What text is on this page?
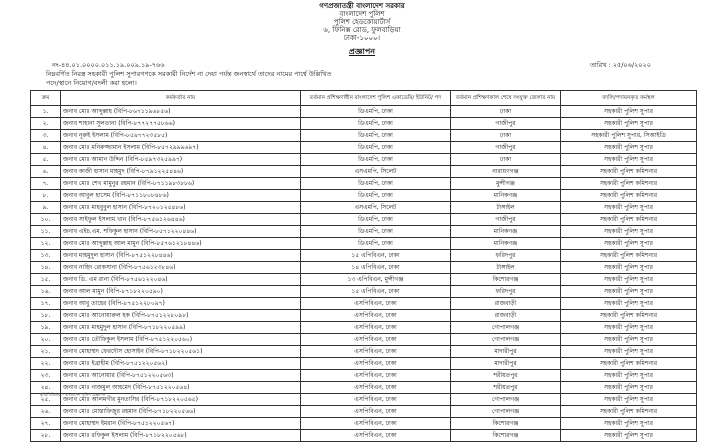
গণপ্রজাতন্ত্রী বাংলাদেশ সরকার
বাংলাদেশ পুলিশ
পুলিশ হেডকোয়ার্টার্স
৬, ফিনিক্স রোড, ফুলবাড়িয়া
ঢাকা-১০০০।
প্রজ্ঞাপন
নং-৪৪.০১.০০০০.০১১.১৯.০০৯.১৯-৭৬৬	তারিখ : ২৫/০৬/২০২০
নিম্নবর্ণিত নিরস্ত্র সহকারী পুলিশ সুপারগণকে সরকারী নির্দেশ না দেয়া পর্যন্ত জনস্বার্থে তাদের নামের পার্শ্বে উল্লিখিত
পদে/স্থানে নিয়োগ/বদলী করা হলো।
ক্রম	কর্মকর্তার নাম	বর্তমান প্রশিক্ষণাধীন বাংলাদেশ পুলিশ একাডেমি/ ইউনিট/ পদ	বর্তমান প্রশিক্ষণকাল শেষে সংযুক্ত জেলার নাম	বদলি/পদায়নকৃত কর্মস্থল
১.	জনাব মোঃ আব্দুল্লাহ (বিপি-৮৬৭১১৯৬৮৫৬)	ডিএমপি, ঢাকা	ঢাকা	সহকারী পুলিশ সুপার
২.	জনাব শাহানা সুলতানা (বিপি-৮৭৭২৭৭৫৮৬৬)	ডিএমপি, ঢাকা	গাজীপুর	সহকারী পুলিশ সুপার
৩.	জনাব নূরুই ইসলাম (বিপি-৮৫৯৭৭২৩৫৮৫)	ডিএমপি, ঢাকা	ঢাকা	সহকারী পুলিশ সুপার, সিআইডি
৪.	জনাব মোঃ মনিরুজ্জামান ইসলাম (বিপি-৮৫৭২৯৯৯৬৯৭)	ডিএমপি, ঢাকা	গাজীপুর	সহকারী পুলিশ সুপার
৫.	জনাব মোঃ আমান উদ্দিন (বিপি-৮৫৯৭৩২৫৯৯৭)	ডিএমপি, ঢাকা	ঢাকা	সহকারী পুলিশ সুপার
৬.	জনাব কাজী হাসান মাহমুদ (বিপি-৮৭৯১২২৫৪৪৬)	এসএমপি, সিলেট	নারায়ণগঞ্জ	সহকারী পুলিশ কমিশনার
৭.	জনাব মোঃ শেখ মামুনুর রহমান (বিপি-৮৭১১৯৮৩৮৮৬)	ডিএমপি, ঢাকা	মুন্সীগঞ্জ	সহকারী পুলিশ কমিশনার
৮.	জনাব আবুল হাসেম (বিপি-৮৭১১৮০৮৪৮৬)	ডিএমপি, ঢাকা	মানিকগঞ্জ	সহকারী পুলিশ কমিশনার
৯.	জনাব মোঃ মাহবুবুল হাসান (বিপি-৮৭২০১২৫৪৮৬)	এসএমপি, সিলেট	টাঙ্গাইল	সহকারী পুলিশ সুপার
১০.	জনাব সাইফুল ইসলাম খান (বিপি-৮৭৫৬১২৬৪৪৬)	ডিএমপি, ঢাকা	গাজীপুর	সহকারী পুলিশ কমিশনার
১১.	জনাব এইচ.এম. শফিকুল হাসান (বিপি-৮৫৭১২২০৪৪৬)	ডিএমপি, ঢাকা	মানিকগঞ্জ	সহকারী পুলিশ সুপার
১২.	জনাব মোঃ আব্দুল্লাহ আল মামুন (বিপি-৮৫৭৬১২১৮৪৪৬)	ডিএমপি, ঢাকা	মানিকগঞ্জ	সহকারী পুলিশ সুপার
১৩.	জনাব মাহমুদুল হাসান (বিপি-৮৭৫১২২৮৪৪৬)	১৫ এপিবিএন, ঢাকা	ফরিদপুর	সহকারী পুলিশ কমিশনার
১৪.	জনাব নাহিদ রোকসানা (বিপি-৮৭৫৬১২৩৮৪৬)	১৪ এপিবিএন, ঢাকা	টাঙ্গাইল	সহকারী পুলিশ সুপার
১৫.	জনাব ডি. এম রানা (বিপি-৮৭৫৬১২২০৪৬)	১৩ এপিবিএন, মুন্সীগঞ্জ	কিশোরগঞ্জ	সহকারী পুলিশ সুপার
১৬.	জনাব আল মামুন (বিপি-৮৭১৮২২০৫৯০)	১৫ এপিবিএন, ঢাকা	ফরিদপুর	সহকারী পুলিশ সুপার
১৭.	জনাব আবু তাহের (বিপি-৮৭৫১২২৮০৯৭)	এসপিবিএন, ঢাকা	রাজবাড়ী	সহকারী পুলিশ সুপার
১৮.	জনাব মোঃ আনোয়ারুল হক (বিপি-৮৭৫১২২৮০৯৮)	এসপিবিএন, ঢাকা	রাজবাড়ী	সহকারী পুলিশ কমিশনার
১৯.	জনাব মোঃ মাহমুদুল হাসান (বিপি-৮৭১৮২২০৫৯৯)	এসপিবিএন, ঢাকা	গোপালগঞ্জ	সহকারী পুলিশ সুপার
২০.	জনাব মোঃ তৌফিকুল ইসলাম (বিপি-৮৭৫১২২০৫৬০)	এসপিবিএন, ঢাকা	গোপালগঞ্জ	সহকারী পুলিশ সুপার
২১.	জনাব মোহাম্মদ ফেরদৌস হোসাইন (বিপি-৮৭১৮২২০৫৬১)	এসপিবিএন, ঢাকা	মাদারীপুর	সহকারী পুলিশ সুপার
২২.	জনাব মোঃ ইব্রাহীম (বিপি-৮৭৫১২২০৫৬২)	এসপিবিএন, ঢাকা	মাদারীপুর	সহকারী পুলিশ কমিশনার
২৩.	জনাব মোঃ আনোয়ার (বিপি-৮৭৫১২২০৫৬৩)	এসপিবিএন, ঢাকা	শরীয়তপুর	সহকারী পুলিশ সুপার
২৪.	জনাব মোঃ নাজমুল আহমেদ (বিপি-৮৭৫১২২০৫৬৪)	এসপিবিএন, ঢাকা	শরীয়তপুর	সহকারী পুলিশ সুপার
২৫.	জনাব মোঃ আলমগীর মুনতাসির (বিপি-৮৭১৮২২০৫৬৫)	এসপিবিএন, ঢাকা	গোপালগঞ্জ	সহকারী পুলিশ সুপার
২৬.	জনাব মোঃ মোস্তাফিজুর রহমান (বিপি-৮৭১৮২২০৫৬৬)	এসপিবিএন, ঢাকা	গোপালগঞ্জ	সহকারী পুলিশ কমিশনার
২৭.	জনাব মোহাম্মদ ইমরান (বিপি-৮৭৫১২২০৫৬৭)	এসপিবিএন, ঢাকা	কিশোরগঞ্জ	সহকারী পুলিশ সুপার
২৮.	জনাব মোঃ রফিকুল ইসলাম (বিপি-৮৭১৮২২০৫৬৮)	এসপিবিএন, ঢাকা	কিশোরগঞ্জ	সহকারী পুলিশ সুপার
ছবি/পিডিএফ - বাংলাদেশ পুলিশ প্রজ্ঞাপন
